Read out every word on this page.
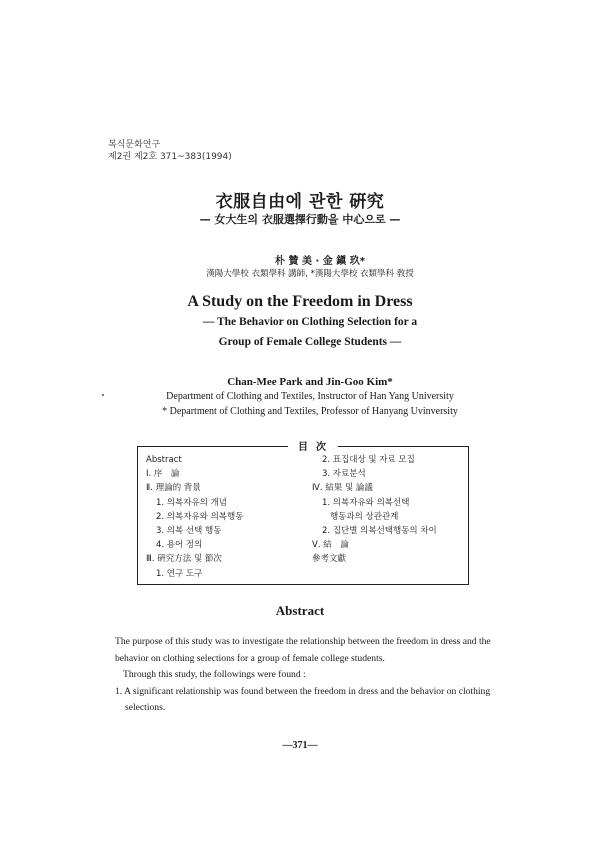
복식문화연구
제2권 제2호 371~383(1994)
衣服自由에 관한 硏究
— 女大生의 衣服選擇行動을 中心으로 —
朴 贊 美 · 金 鎭 玖*
漢陽大學校 衣類學科 講師, *漢陽大學校 衣類學科 敎授
A Study on the Freedom in Dress
— The Behavior on Clothing Selection for a
Group of Female College Students —
Chan-Mee Park and Jin-Goo Kim*
Department of Clothing and Textiles, Instructor of Han Yang University
* Department of Clothing and Textiles, Professor of Hanyang Uvinversity
目次
Abstract
Ⅰ. 序　論
Ⅱ. 理論的 背景
1. 의복자유의 개념
2. 의복자유와 의복행동
3. 의복 선택 행동
4. 용어 정의
Ⅲ. 硏究方法 및 節次
1. 연구 도구
2. 표집대상 및 자료 모집
3. 자료분석
Ⅳ. 結果 및 論議
1. 의복자유와 의복선택
행동과의 상관관계
2. 집단별 의복선택행동의 차이
Ⅴ. 結　論
參考文獻
Abstract

The purpose of this study was to investigate the relationship between the freedom in dress and the behavior on clothing selections for a group of female college students.

Through this study, the followings were found :

1. A significant relationship was found between the freedom in dress and the behavior on clothing selections.

—371—
